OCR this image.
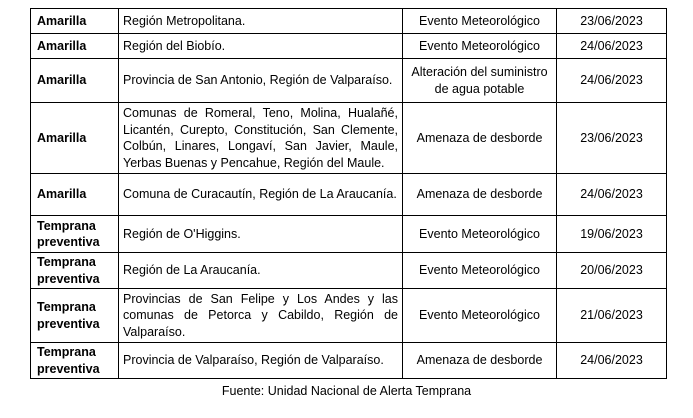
Amarilla	Región Metropolitana.	Evento Meteorológico	23/06/2023
Amarilla	Región del Biobío.	Evento Meteorológico	24/06/2023
Amarilla	Provincia de San Antonio, Región de Valparaíso.	Alteración del suministro de agua potable	24/06/2023
Amarilla	Comunas de Romeral, Teno, Molina, Hualañé, Licantén, Curepto, Constitución, San Clemente, Colbún, Linares, Longaví, San Javier, Maule, Yerbas Buenas y Pencahue, Región del Maule.	Amenaza de desborde	23/06/2023
Amarilla	Comuna de Curacautín, Región de La Araucanía.	Amenaza de desborde	24/06/2023
Temprana preventiva	Región de O'Higgins.	Evento Meteorológico	19/06/2023
Temprana preventiva	Región de La Araucanía.	Evento Meteorológico	20/06/2023
Temprana preventiva	Provincias de San Felipe y Los Andes y las comunas de Petorca y Cabildo, Región de Valparaíso.	Evento Meteorológico	21/06/2023
Temprana preventiva	Provincia de Valparaíso, Región de Valparaíso.	Amenaza de desborde	24/06/2023
Fuente: Unidad Nacional de Alerta Temprana
